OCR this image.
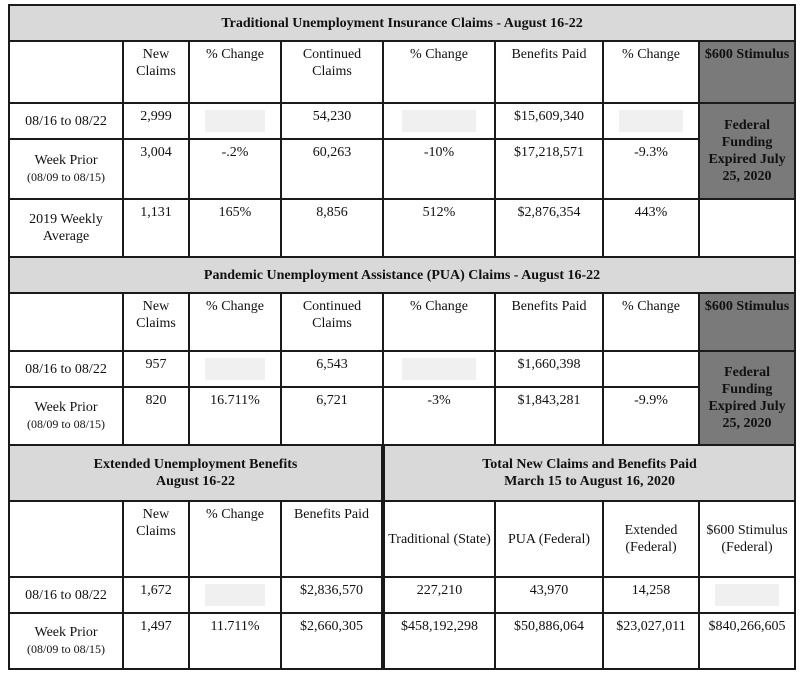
Traditional Unemployment Insurance Claims - August 16-22							
	New Claims	% Change	Continued Claims	% Change	Benefits Paid	% Change	$600 Stimulus
08/16 to 08/22	2,999		54,230		$15,609,340		Federal Funding Expired July 25, 2020
Week Prior
(08/09 to 08/15)	3,004	-.2%	60,263	-10%	$17,218,571	-9.3%	
2019 Weekly Average	1,131	165%	8,856	512%	$2,876,354	443%	
Pandemic Unemployment Assistance (PUA) Claims - August 16-22							
	New Claims	% Change	Continued Claims	% Change	Benefits Paid	% Change	$600 Stimulus
08/16 to 08/22	957		6,543		$1,660,398		Federal Funding Expired July 25, 2020
Week Prior
(08/09 to 08/15)	820	16.711%	6,721	-3%	$1,843,281	-9.9%	
Extended Unemployment Benefits
August 16-22				Total New Claims and Benefits Paid
March 15 to August 16, 2020			
	New Claims	% Change	Benefits Paid	Traditional (State)	PUA (Federal)	Extended (Federal)	$600 Stimulus (Federal)
08/16 to 08/22	1,672		$2,836,570	227,210	43,970	14,258	

Week Prior
(08/09 to 08/15)	1,497	11.711%	$2,660,305	$458,192,298	$50,886,064	$23,027,011	$840,266,605
